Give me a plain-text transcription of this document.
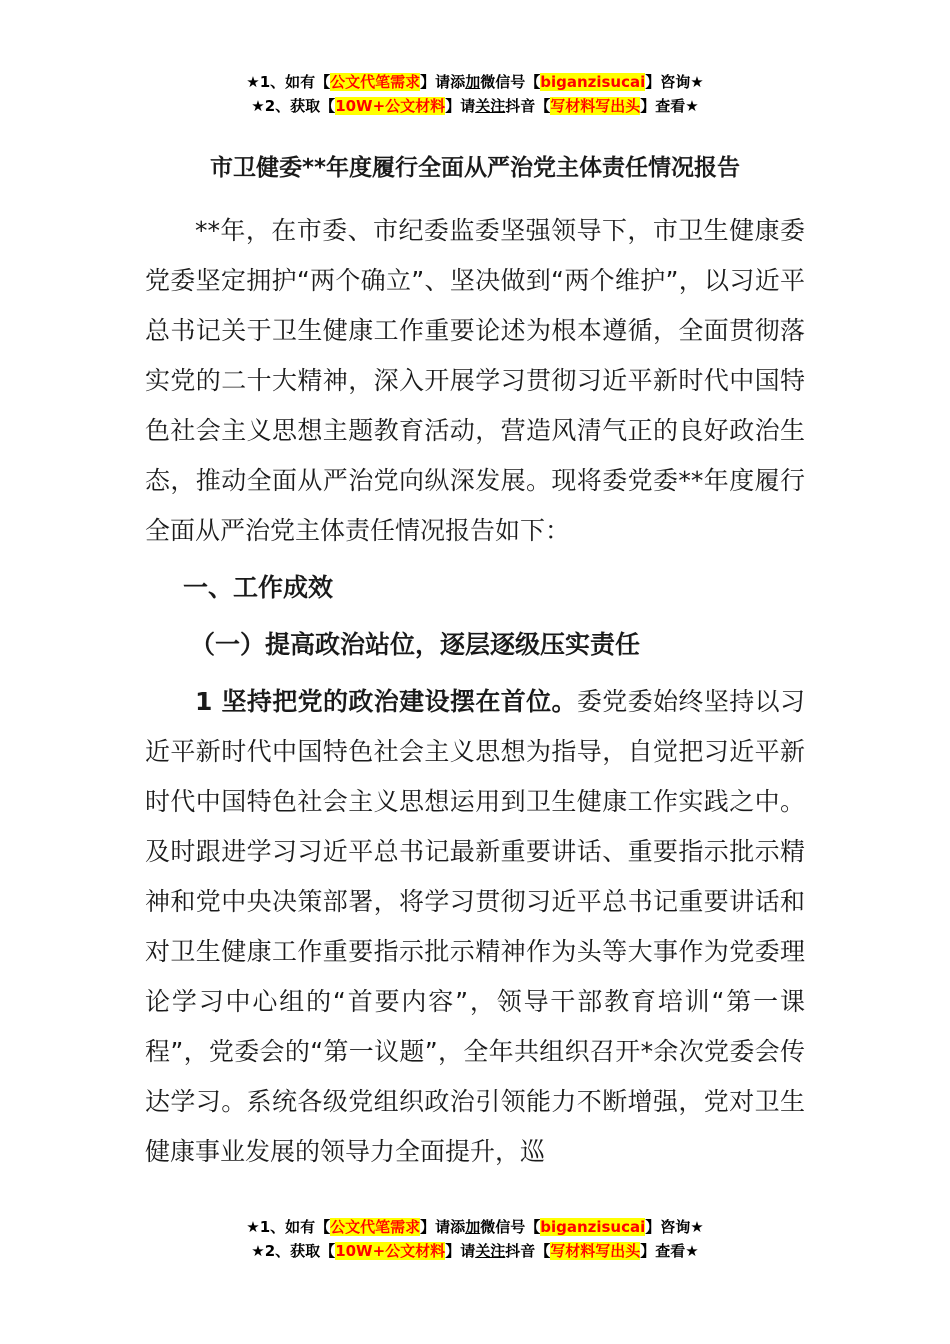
★1、如有【公文代笔需求】请添加微信号【biganzisucai】咨询★
★2、获取【10W+公文材料】请关注抖音【写材料写出头】查看★
市卫健委**年度履行全面从严治党主体责任情况报告
**年，在市委、市纪委监委坚强领导下，市卫生健康委党委坚定拥护“两个确立”、坚决做到“两个维护”，以习近平总书记关于卫生健康工作重要论述为根本遵循，全面贯彻落实党的二十大精神，深入开展学习贯彻习近平新时代中国特色社会主义思想主题教育活动，营造风清气正的良好政治生态，推动全面从严治党向纵深发展。现将委党委**年度履行全面从严治党主体责任情况报告如下：
一、工作成效
（一）提高政治站位，逐层逐级压实责任
1 坚持把党的政治建设摆在首位。委党委始终坚持以习近平新时代中国特色社会主义思想为指导，自觉把习近平新时代中国特色社会主义思想运用到卫生健康工作实践之中。及时跟进学习习近平总书记最新重要讲话、重要指示批示精神和党中央决策部署，将学习贯彻习近平总书记重要讲话和对卫生健康工作重要指示批示精神作为头等大事作为党委理论学习中心组的“首要内容”，领导干部教育培训“第一课程”，党委会的“第一议题”，全年共组织召开*余次党委会传达学习。系统各级党组织政治引领能力不断增强，党对卫生健康事业发展的领导力全面提升，巡
★1、如有【公文代笔需求】请添加微信号【biganzisucai】咨询★
★2、获取【10W+公文材料】请关注抖音【写材料写出头】查看★
